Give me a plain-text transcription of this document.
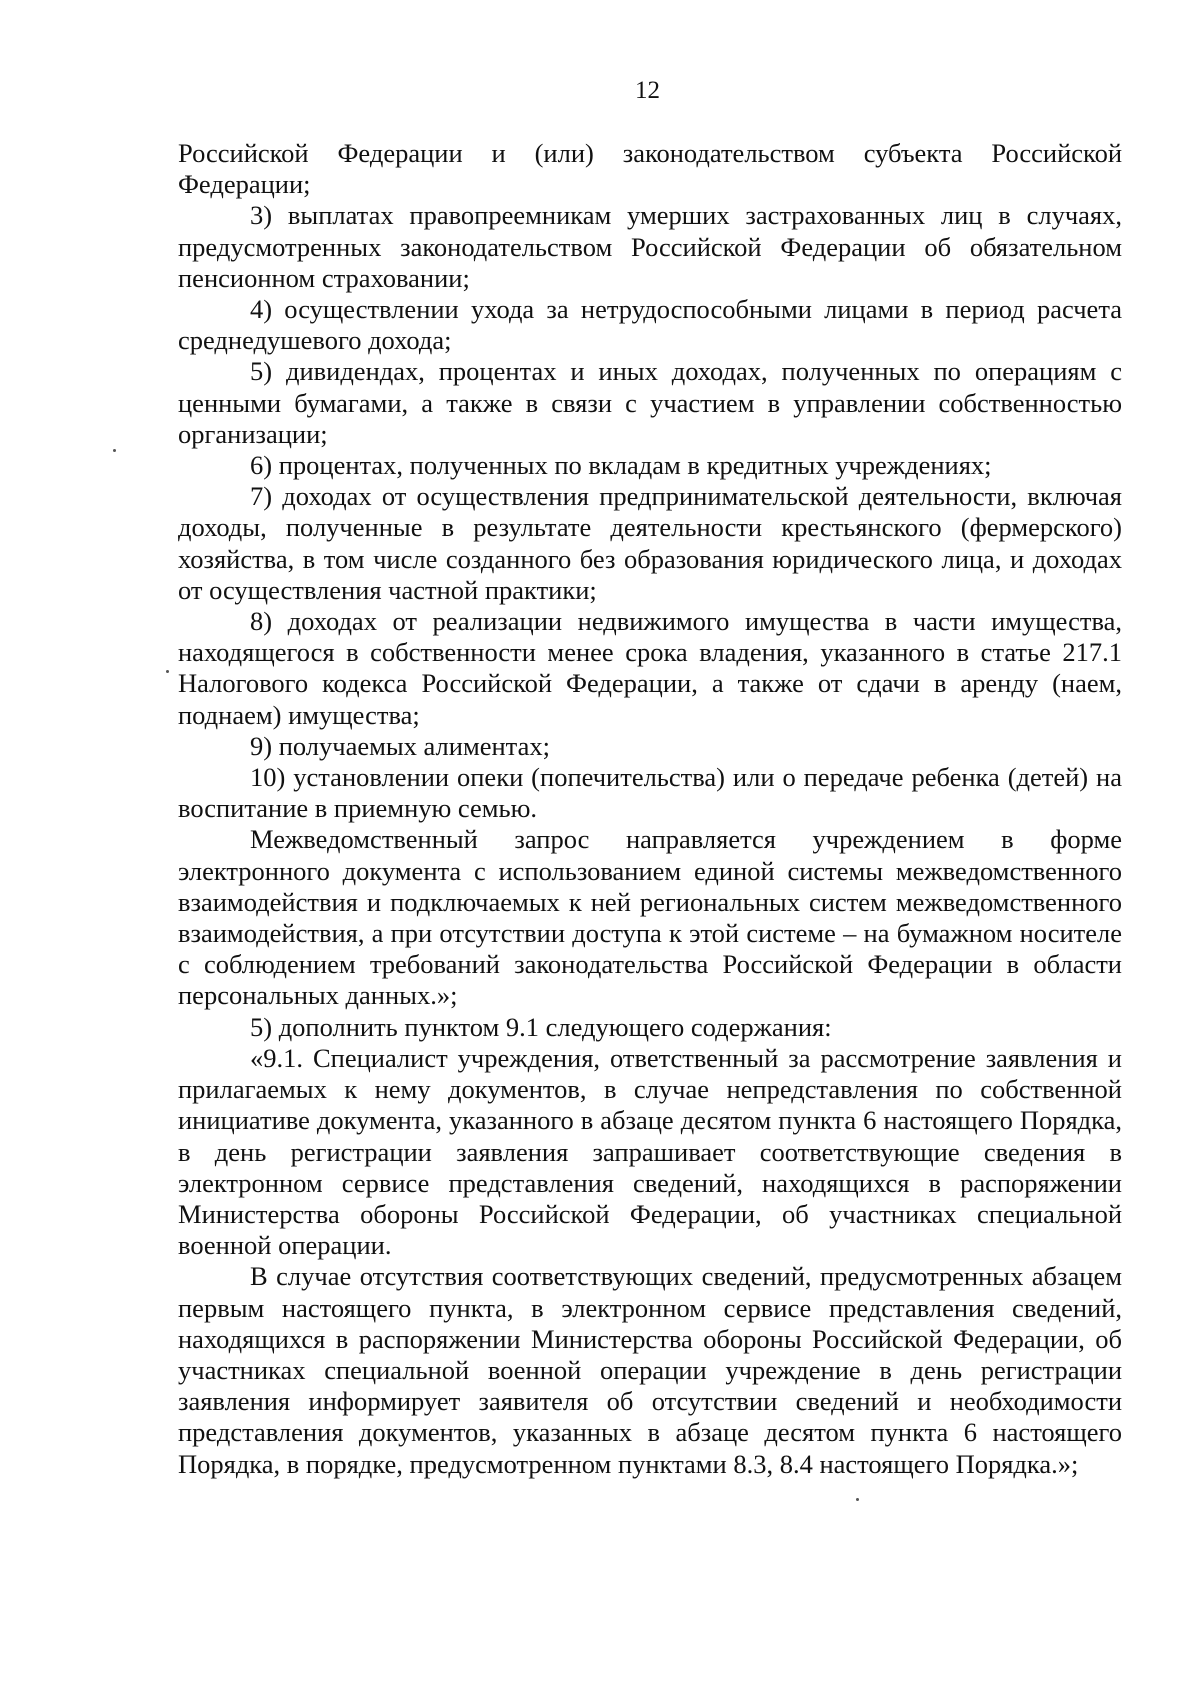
12

Российской Федерации и (или) законодательством субъекта Российской Федерации;

3) выплатах правопреемникам умерших застрахованных лиц в случаях, предусмотренных законодательством Российской Федерации об обязательном пенсионном страховании;

4) осуществлении ухода за нетрудоспособными лицами в период расчета среднедушевого дохода;

5) дивидендах, процентах и иных доходах, полученных по операциям с ценными бумагами, а также в связи с участием в управлении собственностью организации;

6) процентах, полученных по вкладам в кредитных учреждениях;

7) доходах от осуществления предпринимательской деятельности, включая доходы, полученные в результате деятельности крестьянского (фермерского) хозяйства, в том числе созданного без образования юридического лица, и доходах от осуществления частной практики;

8) доходах от реализации недвижимого имущества в части имущества, находящегося в собственности менее срока владения, указанного в статье 217.1 Налогового кодекса Российской Федерации, а также от сдачи в аренду (наем, поднаем) имущества;

9) получаемых алиментах;

10) установлении опеки (попечительства) или о передаче ребенка (детей) на воспитание в приемную семью.

Межведомственный запрос направляется учреждением в форме электронного документа с использованием единой системы межведомственного взаимодействия и подключаемых к ней региональных систем межведомственного взаимодействия, а при отсутствии доступа к этой системе – на бумажном носителе с соблюдением требований законодательства Российской Федерации в области персональных данных.»;

5) дополнить пунктом 9.1 следующего содержания:

«9.1. Специалист учреждения, ответственный за рассмотрение заявления и прилагаемых к нему документов, в случае непредставления по собственной инициативе документа, указанного в абзаце десятом пункта 6 настоящего Порядка, в день регистрации заявления запрашивает соответствующие сведения в электронном сервисе представления сведений, находящихся в распоряжении Министерства обороны Российской Федерации, об участниках специальной военной операции.

В случае отсутствия соответствующих сведений, предусмотренных абзацем первым настоящего пункта, в электронном сервисе представления сведений, находящихся в распоряжении Министерства обороны Российской Федерации, об участниках специальной военной операции учреждение в день регистрации заявления информирует заявителя об отсутствии сведений и необходимости представления документов, указанных в абзаце десятом пункта 6 настоящего Порядка, в порядке, предусмотренном пунктами 8.3, 8.4 настоящего Порядка.»;
